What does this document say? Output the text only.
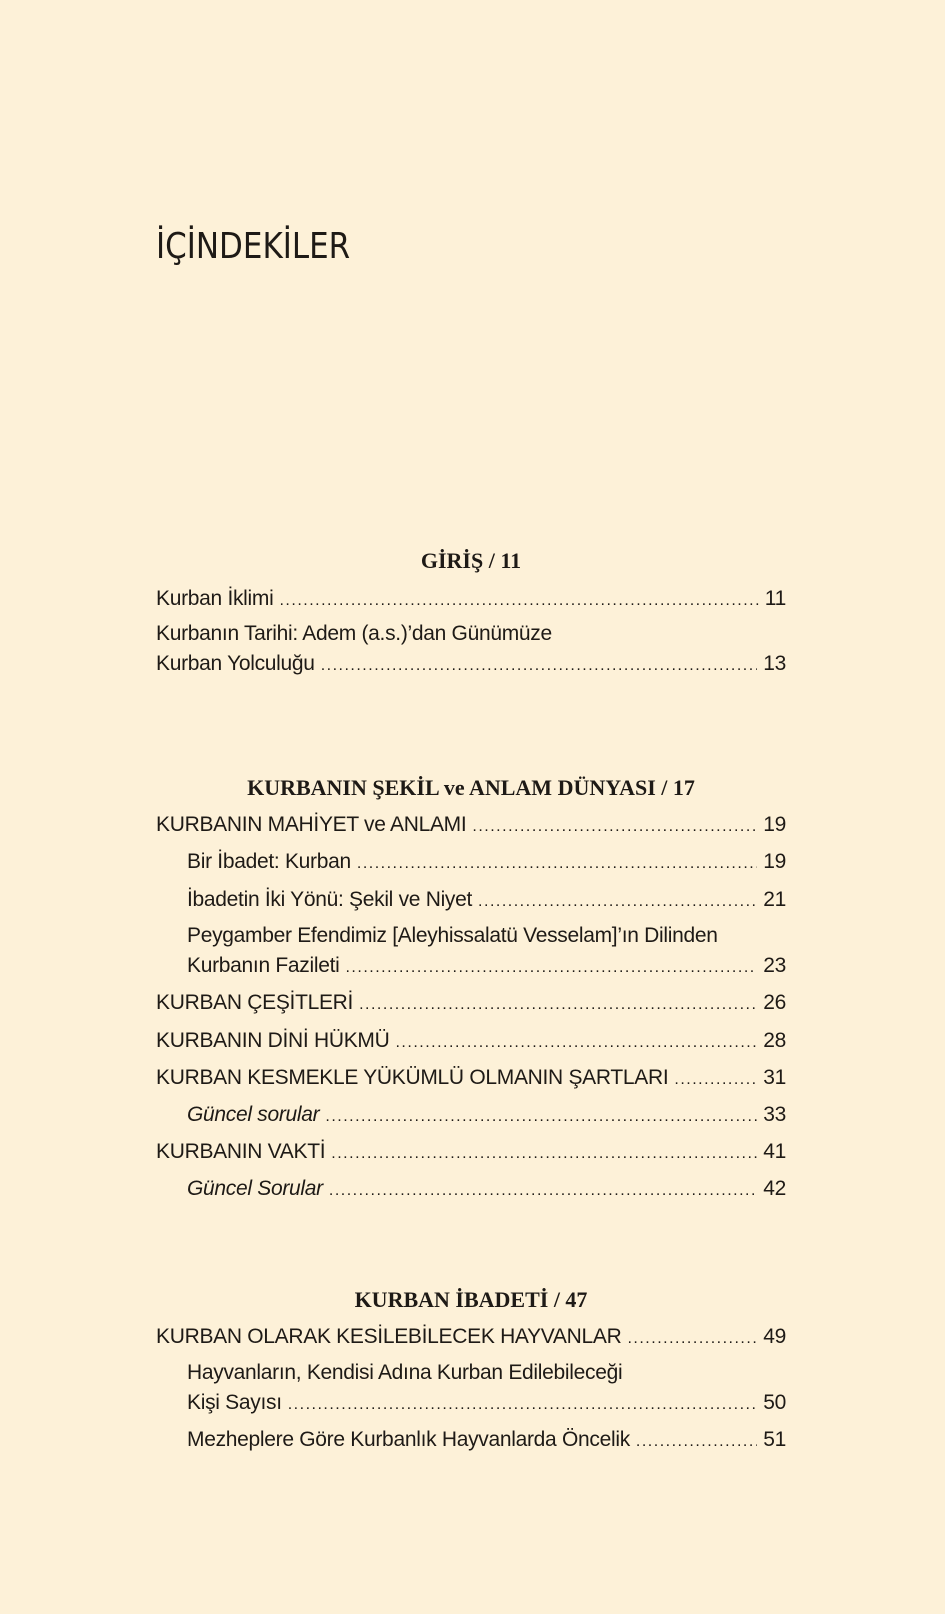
İÇİNDEKİLER
GİRİŞ / 11
Kurban İklimi .....	11
Kurbanın Tarihi: Adem (a.s.)’dan Günümüze
Kurban Yolculuğu .....	13
KURBANIN ŞEKİL ve ANLAM DÜNYASI / 17
KURBANIN MAHİYET ve ANLAMI .....	19
Bir İbadet: Kurban .....	19
İbadetin İki Yönü: Şekil ve Niyet .....	21
Peygamber Efendimiz [Aleyhissalatü Vesselam]’ın Dilinden
Kurbanın Fazileti .....	23
KURBAN ÇEŞİTLERİ .....	26
KURBANIN DİNİ HÜKMÜ .....	28
KURBAN KESMEKLE YÜKÜMLÜ OLMANIN ŞARTLARI .....	31
Güncel sorular .....	33
KURBANIN VAKTİ .....	41
Güncel Sorular .....	42
KURBAN İBADETİ / 47
KURBAN OLARAK KESİLEBİLECEK HAYVANLAR .....	49
Hayvanların, Kendisi Adına Kurban Edilebileceği
Kişi Sayısı .....	50
Mezheplere Göre Kurbanlık Hayvanlarda Öncelik .....	51
